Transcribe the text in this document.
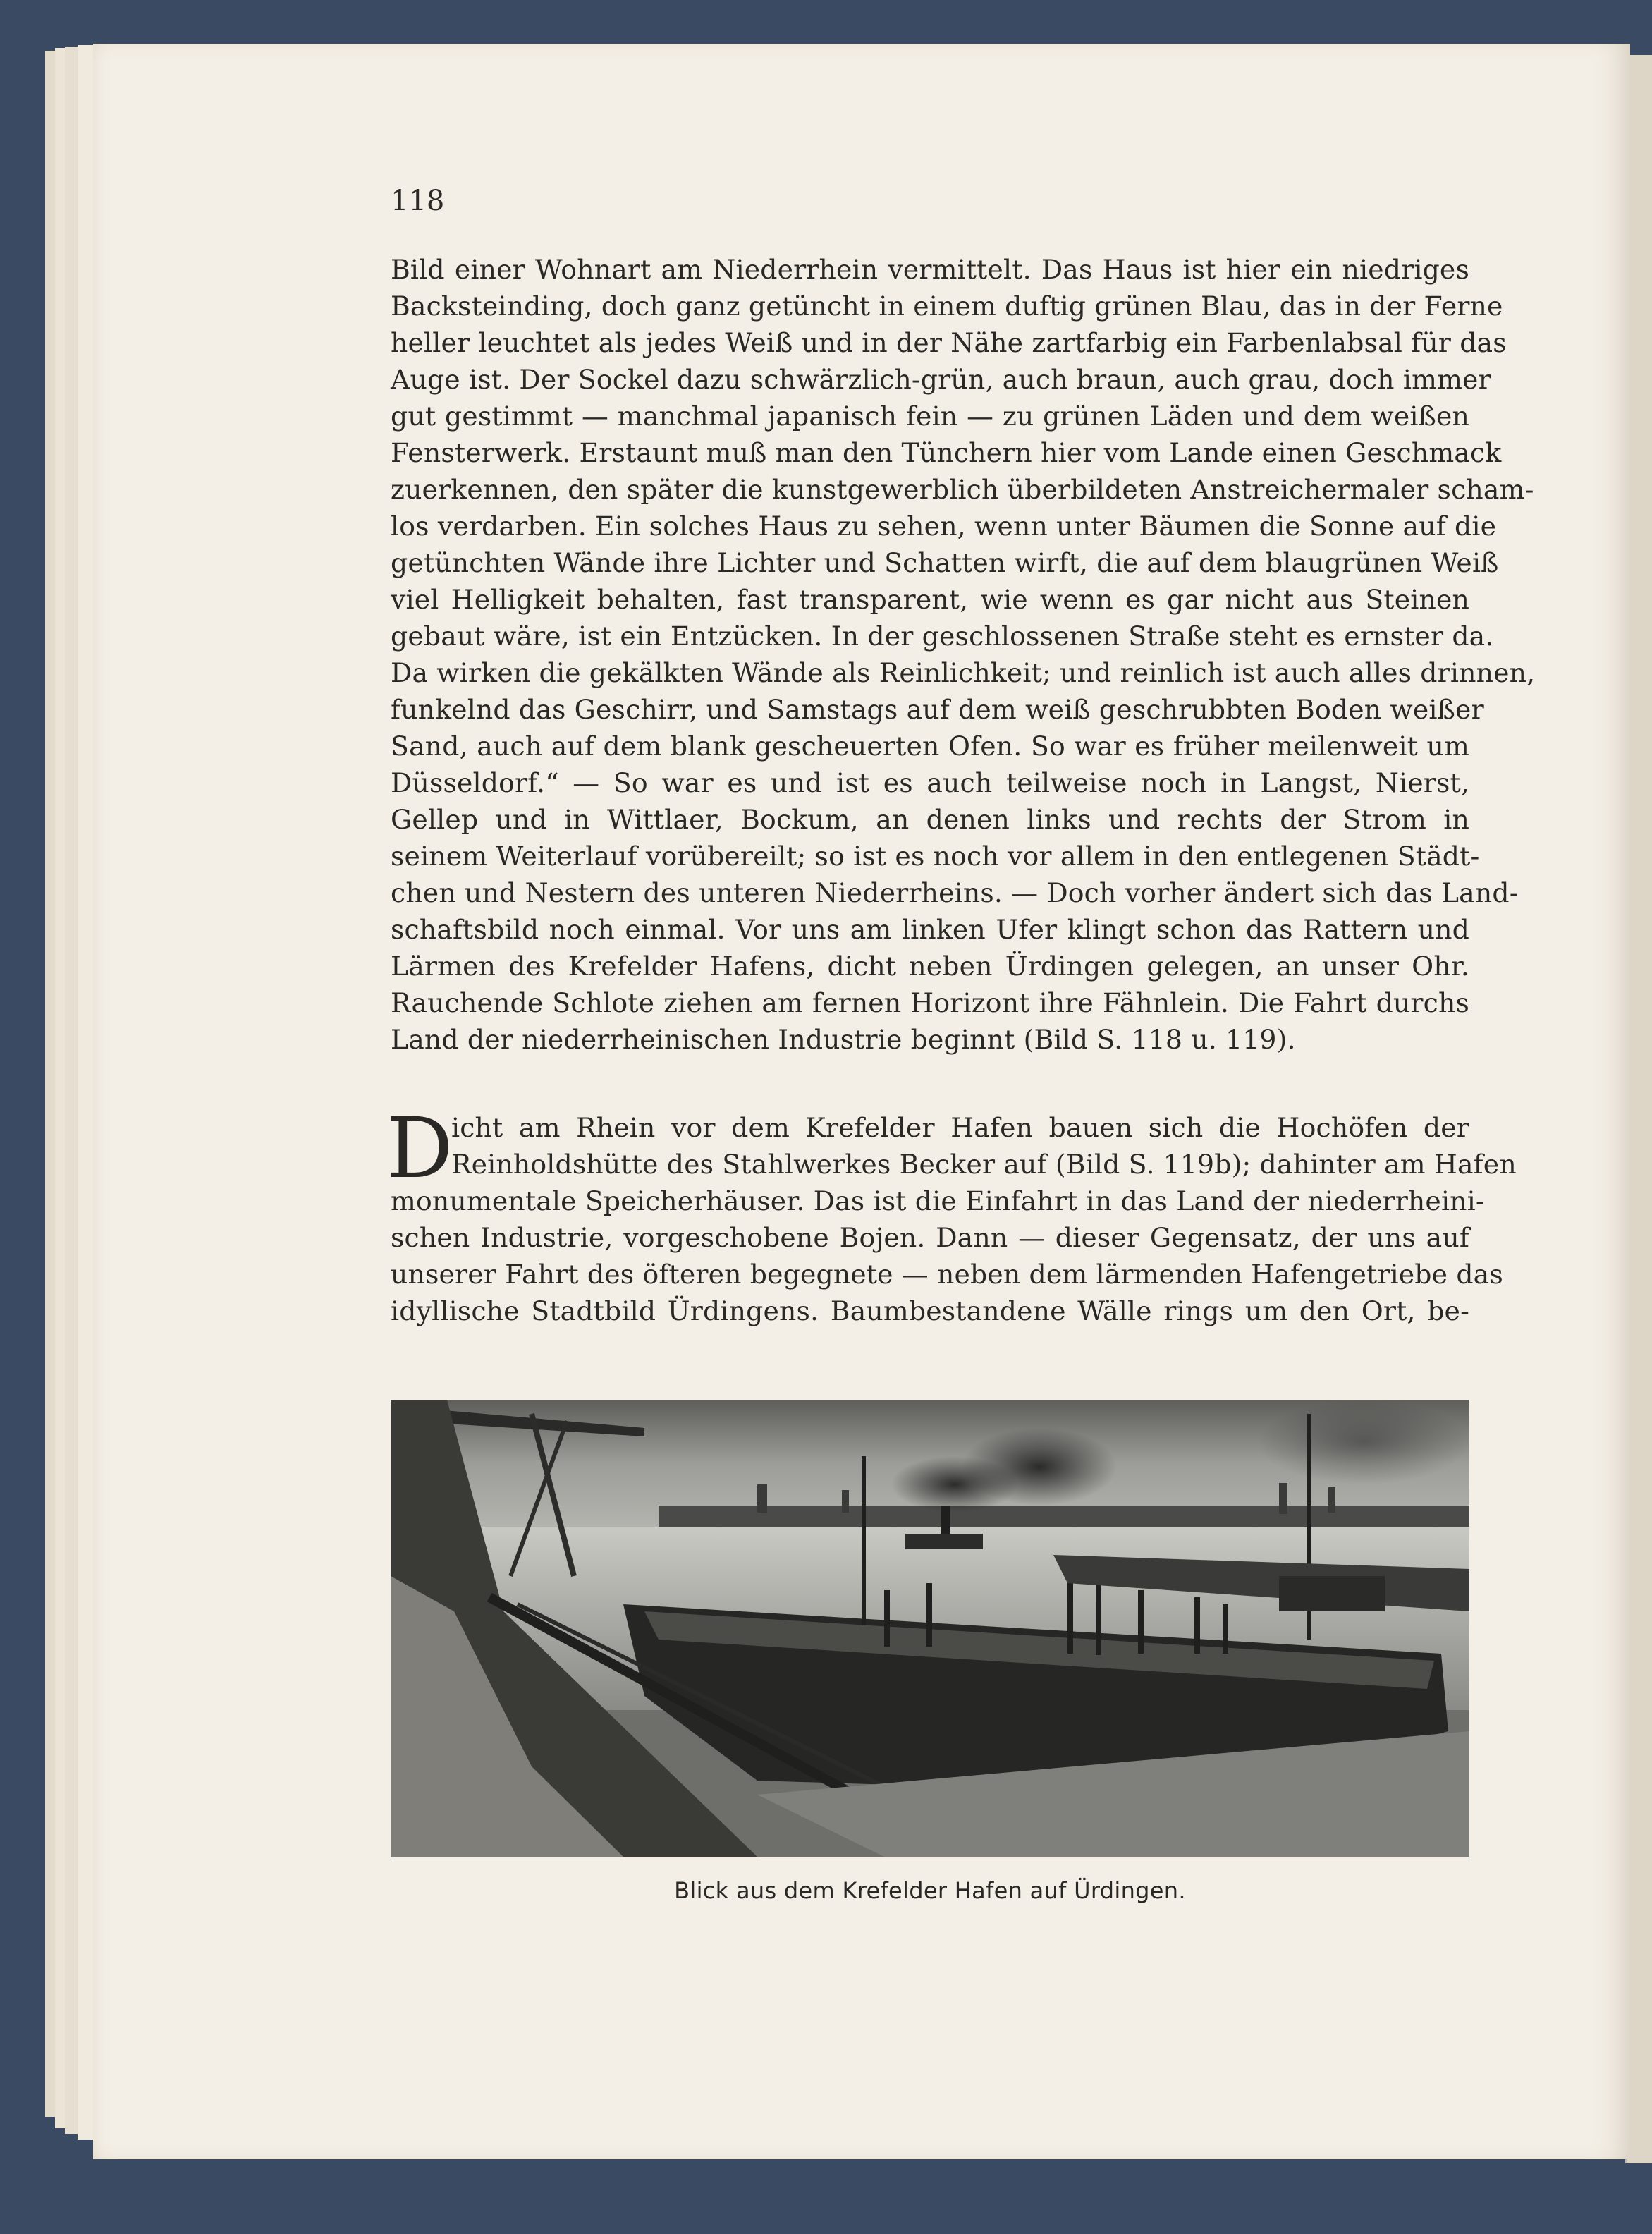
118
Bild einer Wohnart am Niederrhein vermittelt. Das Haus ist hier ein niedriges
Backsteinding, doch ganz getüncht in einem duftig grünen Blau, das in der Ferne
heller leuchtet als jedes Weiß und in der Nähe zartfarbig ein Farbenlabsal für das
Auge ist. Der Sockel dazu schwärzlich-grün, auch braun, auch grau, doch immer
gut gestimmt — manchmal japanisch fein — zu grünen Läden und dem weißen
Fensterwerk. Erstaunt muß man den Tünchern hier vom Lande einen Geschmack
zuerkennen, den später die kunstgewerblich überbildeten Anstreichermaler scham-
los verdarben. Ein solches Haus zu sehen, wenn unter Bäumen die Sonne auf die
getünchten Wände ihre Lichter und Schatten wirft, die auf dem blaugrünen Weiß
viel Helligkeit behalten, fast transparent, wie wenn es gar nicht aus Steinen
gebaut wäre, ist ein Entzücken. In der geschlossenen Straße steht es ernster da.
Da wirken die gekälkten Wände als Reinlichkeit; und reinlich ist auch alles drinnen,
funkelnd das Geschirr, und Samstags auf dem weiß geschrubbten Boden weißer
Sand, auch auf dem blank gescheuerten Ofen. So war es früher meilenweit um
Düsseldorf.“ — So war es und ist es auch teilweise noch in Langst, Nierst,
Gellep und in Wittlaer, Bockum, an denen links und rechts der Strom in
seinem Weiterlauf vorübereilt; so ist es noch vor allem in den entlegenen Städt-
chen und Nestern des unteren Niederrheins. — Doch vorher ändert sich das Land-
schaftsbild noch einmal. Vor uns am linken Ufer klingt schon das Rattern und
Lärmen des Krefelder Hafens, dicht neben Ürdingen gelegen, an unser Ohr.
Rauchende Schlote ziehen am fernen Horizont ihre Fähnlein. Die Fahrt durchs
Land der niederrheinischen Industrie beginnt (Bild S. 118 u. 119).
D
icht am Rhein vor dem Krefelder Hafen bauen sich die Hochöfen der
Reinholdshütte des Stahlwerkes Becker auf (Bild S. 119b); dahinter am Hafen
monumentale Speicherhäuser. Das ist die Einfahrt in das Land der niederrheini-
schen Industrie, vorgeschobene Bojen. Dann — dieser Gegensatz, der uns auf
unserer Fahrt des öfteren begegnete — neben dem lärmenden Hafengetriebe das
idyllische Stadtbild Ürdingens. Baumbestandene Wälle rings um den Ort, be-
Blick aus dem Krefelder Hafen auf Ürdingen.
